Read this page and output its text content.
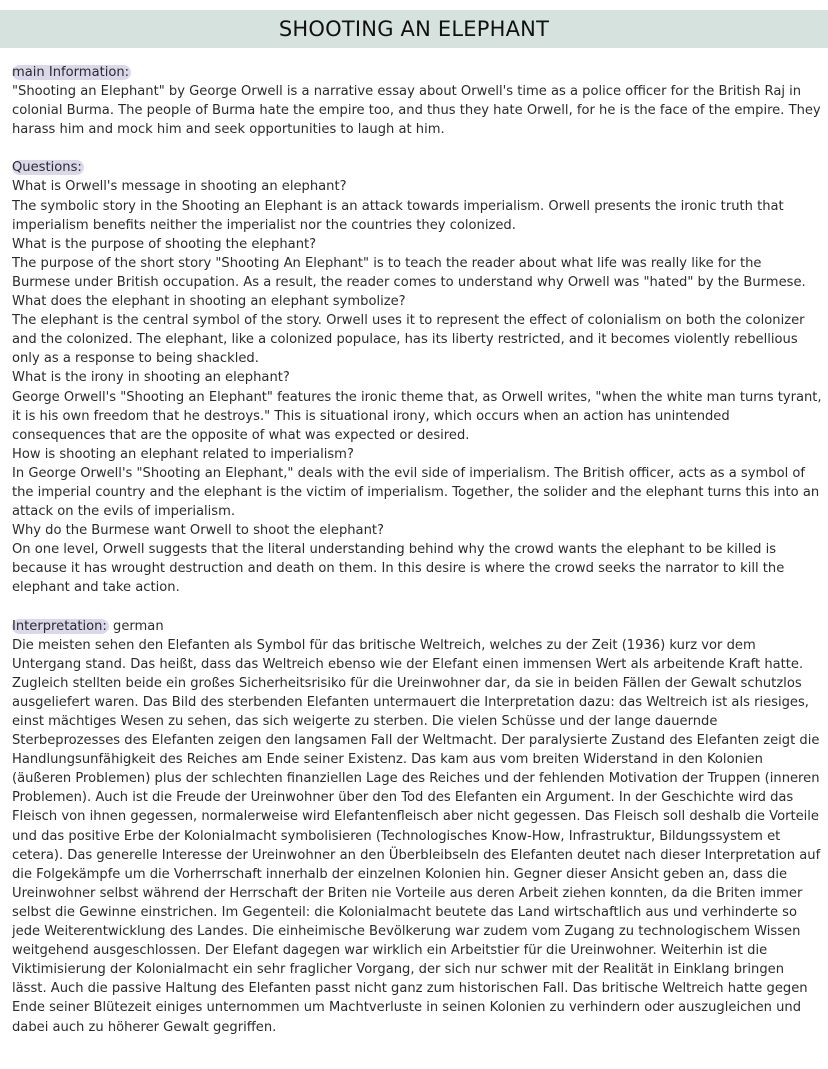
SHOOTING AN ELEPHANT
main Information:

"Shooting an Elephant" by George Orwell is a narrative essay about Orwell's time as a police officer for the British Raj in colonial Burma. The people of Burma hate the empire too, and thus they hate Orwell, for he is the face of the empire. They harass him and mock him and seek opportunities to laugh at him.

Questions:

What is Orwell's message in shooting an elephant?

The symbolic story in the Shooting an Elephant is an attack towards imperialism. Orwell presents the ironic truth that imperialism benefits neither the imperialist nor the countries they colonized.

What is the purpose of shooting the elephant?

The purpose of the short story "Shooting An Elephant" is to teach the reader about what life was really like for the Burmese under British occupation. As a result, the reader comes to understand why Orwell was "hated" by the Burmese.

What does the elephant in shooting an elephant symbolize?

The elephant is the central symbol of the story. Orwell uses it to represent the effect of colonialism on both the colonizer and the colonized. The elephant, like a colonized populace, has its liberty restricted, and it becomes violently rebellious only as a response to being shackled.

What is the irony in shooting an elephant?

George Orwell's "Shooting an Elephant" features the ironic theme that, as Orwell writes, "when the white man turns tyrant, it is his own freedom that he destroys." This is situational irony, which occurs when an action has unintended consequences that are the opposite of what was expected or desired.

How is shooting an elephant related to imperialism?

In George Orwell's "Shooting an Elephant," deals with the evil side of imperialism. The British officer, acts as a symbol of the imperial country and the elephant is the victim of imperialism. Together, the solider and the elephant turns this into an attack on the evils of imperialism.

Why do the Burmese want Orwell to shoot the elephant?

On one level, Orwell suggests that the literal understanding behind why the crowd wants the elephant to be killed is because it has wrought destruction and death on them. In this desire is where the crowd seeks the narrator to kill the elephant and take action.

Interpretation: german

Die meisten sehen den Elefanten als Symbol für das britische Weltreich, welches zu der Zeit (1936) kurz vor dem Untergang stand. Das heißt, dass das Weltreich ebenso wie der Elefant einen immensen Wert als arbeitende Kraft hatte. Zugleich stellten beide ein großes Sicherheitsrisiko für die Ureinwohner dar, da sie in beiden Fällen der Gewalt schutzlos ausgeliefert waren. Das Bild des sterbenden Elefanten untermauert die Interpretation dazu: das Weltreich ist als riesiges, einst mächtiges Wesen zu sehen, das sich weigerte zu sterben. Die vielen Schüsse und der lange dauernde Sterbeprozesses des Elefanten zeigen den langsamen Fall der Weltmacht. Der paralysierte Zustand des Elefanten zeigt die Handlungsunfähigkeit des Reiches am Ende seiner Existenz. Das kam aus vom breiten Widerstand in den Kolonien (äußeren Problemen) plus der schlechten finanziellen Lage des Reiches und der fehlenden Motivation der Truppen (inneren Problemen). Auch ist die Freude der Ureinwohner über den Tod des Elefanten ein Argument. In der Geschichte wird das Fleisch von ihnen gegessen, normalerweise wird Elefantenfleisch aber nicht gegessen. Das Fleisch soll deshalb die Vorteile und das positive Erbe der Kolonialmacht symbolisieren (Technologisches Know-How, Infrastruktur, Bildungssystem et cetera). Das generelle Interesse der Ureinwohner an den Überbleibseln des Elefanten deutet nach dieser Interpretation auf die Folgekämpfe um die Vorherrschaft innerhalb der einzelnen Kolonien hin. Gegner dieser Ansicht geben an, dass die Ureinwohner selbst während der Herrschaft der Briten nie Vorteile aus deren Arbeit ziehen konnten, da die Briten immer selbst die Gewinne einstrichen. Im Gegenteil: die Kolonialmacht beutete das Land wirtschaftlich aus und verhinderte so jede Weiterentwicklung des Landes. Die einheimische Bevölkerung war zudem vom Zugang zu technologischem Wissen weitgehend ausgeschlossen. Der Elefant dagegen war wirklich ein Arbeitstier für die Ureinwohner. Weiterhin ist die Viktimisierung der Kolonialmacht ein sehr fraglicher Vorgang, der sich nur schwer mit der Realität in Einklang bringen lässt. Auch die passive Haltung des Elefanten passt nicht ganz zum historischen Fall. Das britische Weltreich hatte gegen Ende seiner Blütezeit einiges unternommen um Machtverluste in seinen Kolonien zu verhindern oder auszugleichen und dabei auch zu höherer Gewalt gegriffen.
